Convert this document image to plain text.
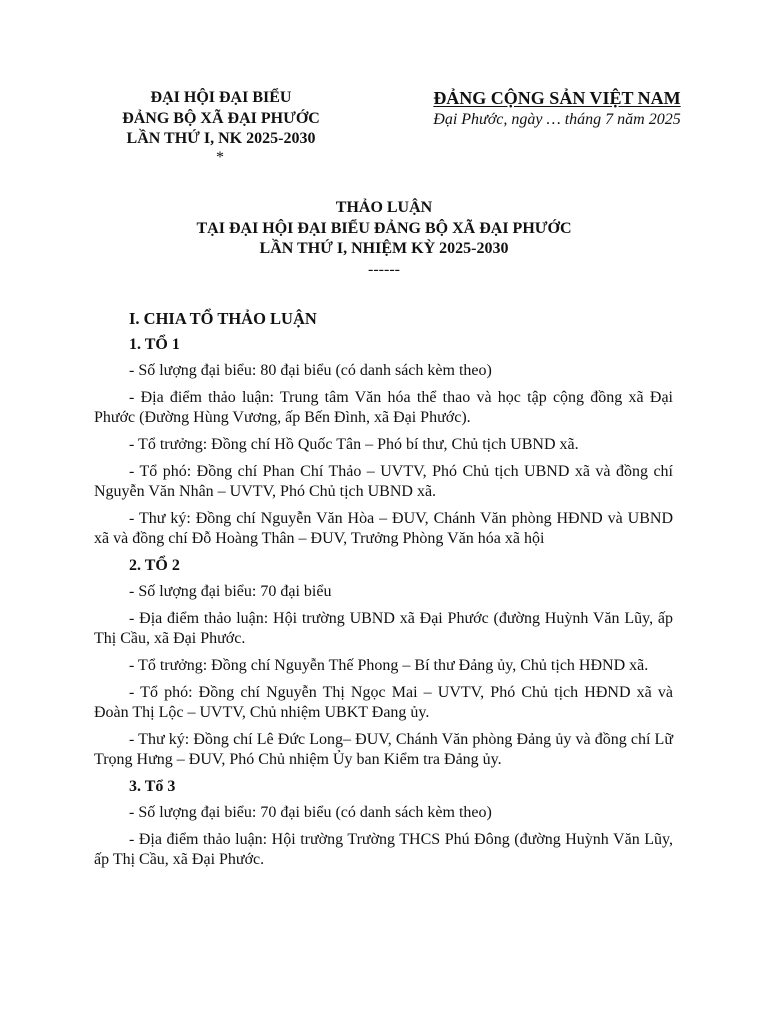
ĐẠI HỘI ĐẠI BIỂU
ĐẢNG BỘ XÃ ĐẠI PHƯỚC
LẦN THỨ I, NK 2025-2030
*
ĐẢNG CỘNG SẢN VIỆT NAM
Đại Phước, ngày … tháng 7 năm 2025
THẢO LUẬN
TẠI ĐẠI HỘI ĐẠI BIỂU ĐẢNG BỘ XÃ ĐẠI PHƯỚC
LẦN THỨ I, NHIỆM KỲ 2025-2030
------

I. CHIA TỔ THẢO LUẬN

1. TỔ 1

- Số lượng đại biểu: 80 đại biểu (có danh sách kèm theo)

- Địa điểm thảo luận: Trung tâm Văn hóa thể thao và học tập cộng đồng xã Đại Phước (Đường Hùng Vương, ấp Bến Đình, xã Đại Phước).

- Tổ trưởng: Đồng chí Hồ Quốc Tân – Phó bí thư, Chủ tịch UBND xã.

- Tổ phó: Đồng chí Phan Chí Thảo – UVTV, Phó Chủ tịch UBND xã và đồng chí Nguyễn Văn Nhân – UVTV, Phó Chủ tịch UBND xã.

- Thư ký: Đồng chí Nguyễn Văn Hòa – ĐUV, Chánh Văn phòng HĐND và UBND xã và đồng chí Đỗ Hoàng Thân – ĐUV, Trưởng Phòng Văn hóa xã hội

2. TỔ 2

- Số lượng đại biểu: 70 đại biểu

- Địa điểm thảo luận: Hội trường UBND xã Đại Phước (đường Huỳnh Văn Lũy, ấp Thị Cầu, xã Đại Phước.

- Tổ trưởng: Đồng chí Nguyễn Thế Phong – Bí thư Đảng ủy, Chủ tịch HĐND xã.

- Tổ phó: Đồng chí Nguyễn Thị Ngọc Mai – UVTV, Phó Chủ tịch HĐND xã và Đoàn Thị Lộc – UVTV, Chủ nhiệm UBKT Đang ủy.

- Thư ký: Đồng chí Lê Đức Long– ĐUV, Chánh Văn phòng Đảng ủy và đồng chí Lữ Trọng Hưng – ĐUV, Phó Chủ nhiệm Ủy ban Kiểm tra Đảng ủy.

3. Tổ 3

- Số lượng đại biểu: 70 đại biểu (có danh sách kèm theo)

- Địa điểm thảo luận: Hội trường Trường THCS Phú Đông (đường Huỳnh Văn Lũy, ấp Thị Cầu, xã Đại Phước.
